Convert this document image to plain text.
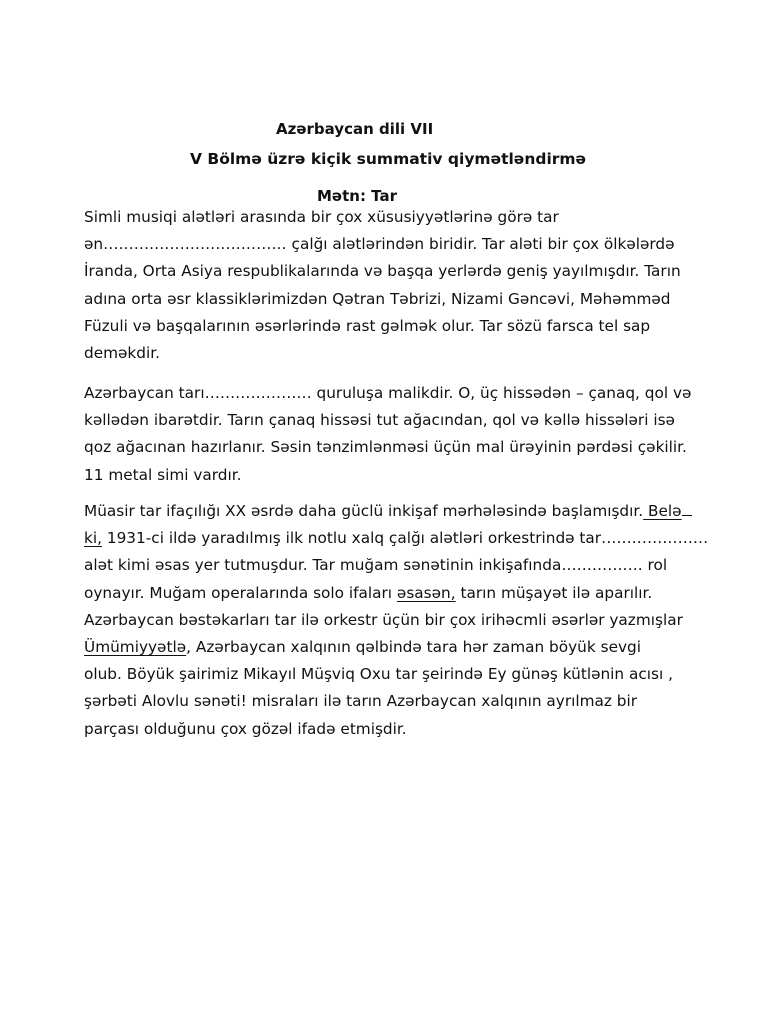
Azərbaycan dili VII
V Bölmə üzrə kiçik summativ qiymətləndirmə
Mətn: Tar

Simli musiqi alətləri arasında bir çox xüsusiyyətlərinə görə tar
ən……………………………… çalğı alətlərindən biridir. Tar aləti bir çox ölkələrdə
İranda, Orta Asiya respublikalarında və başqa yerlərdə geniş yayılmışdır. Tarın
adına orta əsr klassiklərimizdən Qətran Təbrizi, Nizami Gəncəvi, Məhəmməd
Füzuli və başqalarının əsərlərində rast gəlmək olur. Tar sözü farsca tel sap
deməkdir.

Azərbaycan tarı………………… quruluşa malikdir. O, üç hissədən – çanaq, qol və
kəllədən ibarətdir. Tarın çanaq hissəsi tut ağacından, qol və kəllə hissələri isə
qoz ağacınan hazırlanır. Səsin tənzimlənməsi üçün mal ürəyinin pərdəsi çəkilir.
11 metal simi vardır.

Müasir tar ifaçılığı XX əsrdə daha güclü inkişaf mərhələsində başlamışdır. Belə
ki, 1931-ci ildə yaradılmış ilk notlu xalq çalğı alətləri orkestrində tar…………………
alət kimi əsas yer tutmuşdur. Tar muğam sənətinin inkişafında……………. rol
oynayır. Muğam operalarında solo ifaları əsasən, tarın müşayət ilə aparılır.
Azərbaycan bəstəkarları tar ilə orkestr üçün bir çox irihəcmli əsərlər yazmışlar
Ümümiyyətlə, Azərbaycan xalqının qəlbində tara hər zaman böyük sevgi
olub. Böyük şairimiz Mikayıl Müşviq Oxu tar şeirində Ey günəş kütlənin acısı ,
şərbəti Alovlu sənəti! misraları ilə tarın Azərbaycan xalqının ayrılmaz bir
parçası olduğunu çox gözəl ifadə etmişdir.
